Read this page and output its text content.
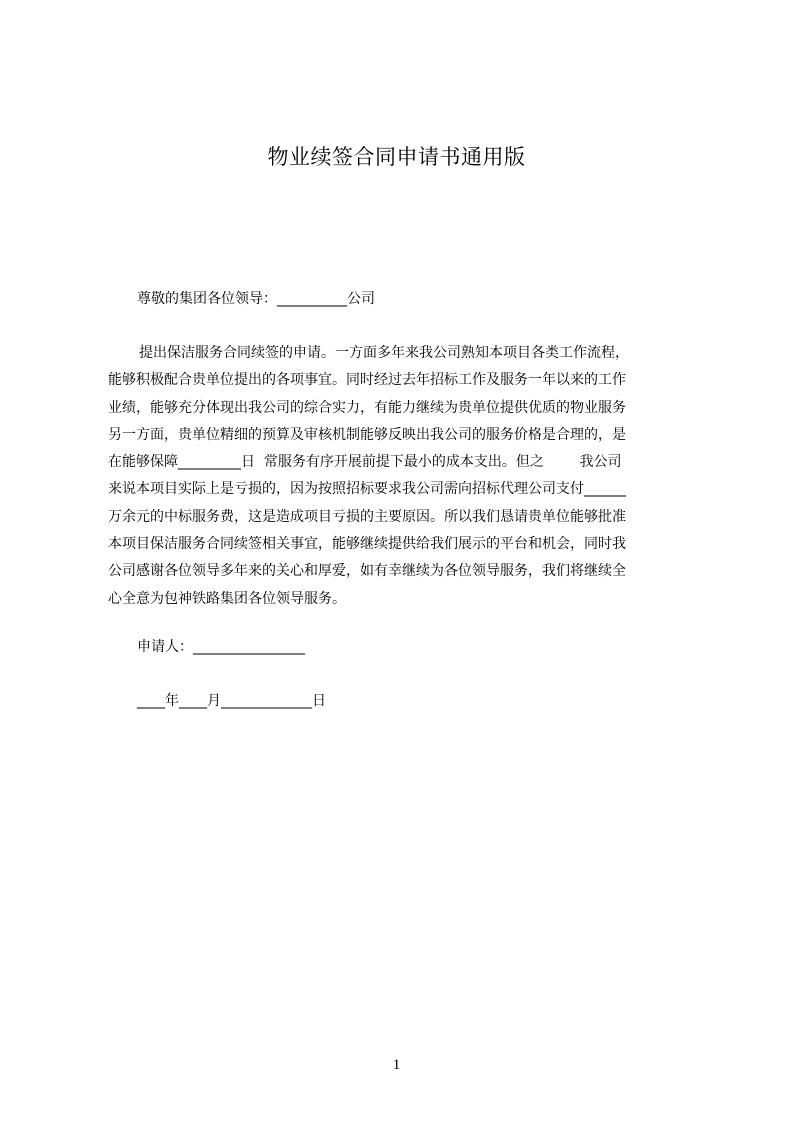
物业续签合同申请书通用版
尊敬的集团各位领导：__________公司
提出保洁服务合同续签的申请。一方面多年来我公司熟知本项目各类工作流程，
能够积极配合贵单位提出的各项事宜。同时经过去年招标工作及服务一年以来的工作
业绩，能够充分体现出我公司的综合实力，有能力继续为贵单位提供优质的物业服务
另一方面，贵单位精细的预算及审核机制能够反映出我公司的服务价格是合理的，是
在能够保障_________日  常服务有序开展前提下最小的成本支出。但之        我公司
来说本项目实际上是亏损的，因为按照招标要求我公司需向招标代理公司支付______
万余元的中标服务费，这是造成项目亏损的主要原因。所以我们恳请贵单位能够批准
本项目保洁服务合同续签相关事宜，能够继续提供给我们展示的平台和机会，同时我
公司感谢各位领导多年来的关心和厚爱，如有幸继续为各位领导服务，我们将继续全
心全意为包神铁路集团各位领导服务。
申请人：________________
____年____月_____________日
1
